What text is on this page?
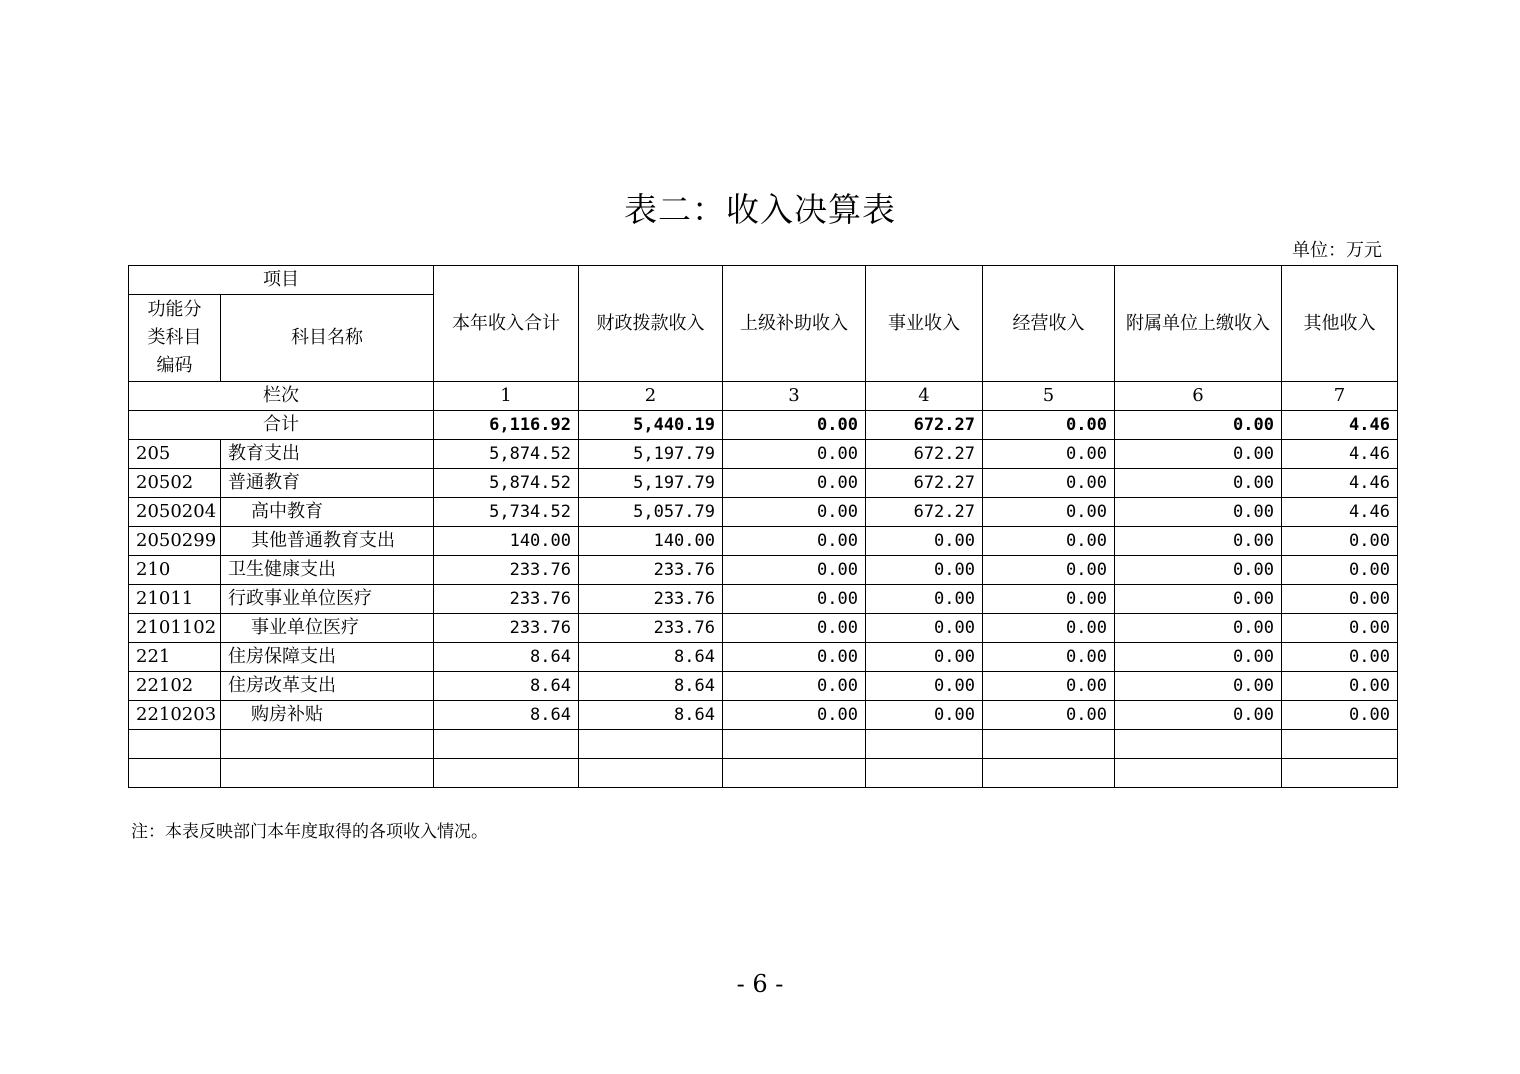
表二：收入决算表
单位：万元
项目		本年收入合计	财政拨款收入	上级补助收入	事业收入	经营收入	附属单位上缴收入	其他收入
功能分类科目编码	科目名称							
栏次		1	2	3	4	5	6	7
合计		6,116.92	5,440.19	0.00	672.27	0.00	0.00	4.46
205	教育支出	5,874.52	5,197.79	0.00	672.27	0.00	0.00	4.46
20502	普通教育	5,874.52	5,197.79	0.00	672.27	0.00	0.00	4.46
2050204	高中教育	5,734.52	5,057.79	0.00	672.27	0.00	0.00	4.46
2050299	其他普通教育支出	140.00	140.00	0.00	0.00	0.00	0.00	0.00
210	卫生健康支出	233.76	233.76	0.00	0.00	0.00	0.00	0.00
21011	行政事业单位医疗	233.76	233.76	0.00	0.00	0.00	0.00	0.00
2101102	事业单位医疗	233.76	233.76	0.00	0.00	0.00	0.00	0.00
221	住房保障支出	8.64	8.64	0.00	0.00	0.00	0.00	0.00
22102	住房改革支出	8.64	8.64	0.00	0.00	0.00	0.00	0.00
2210203	购房补贴	8.64	8.64	0.00	0.00	0.00	0.00	0.00

注：本表反映部门本年度取得的各项收入情况。
- 6 -
